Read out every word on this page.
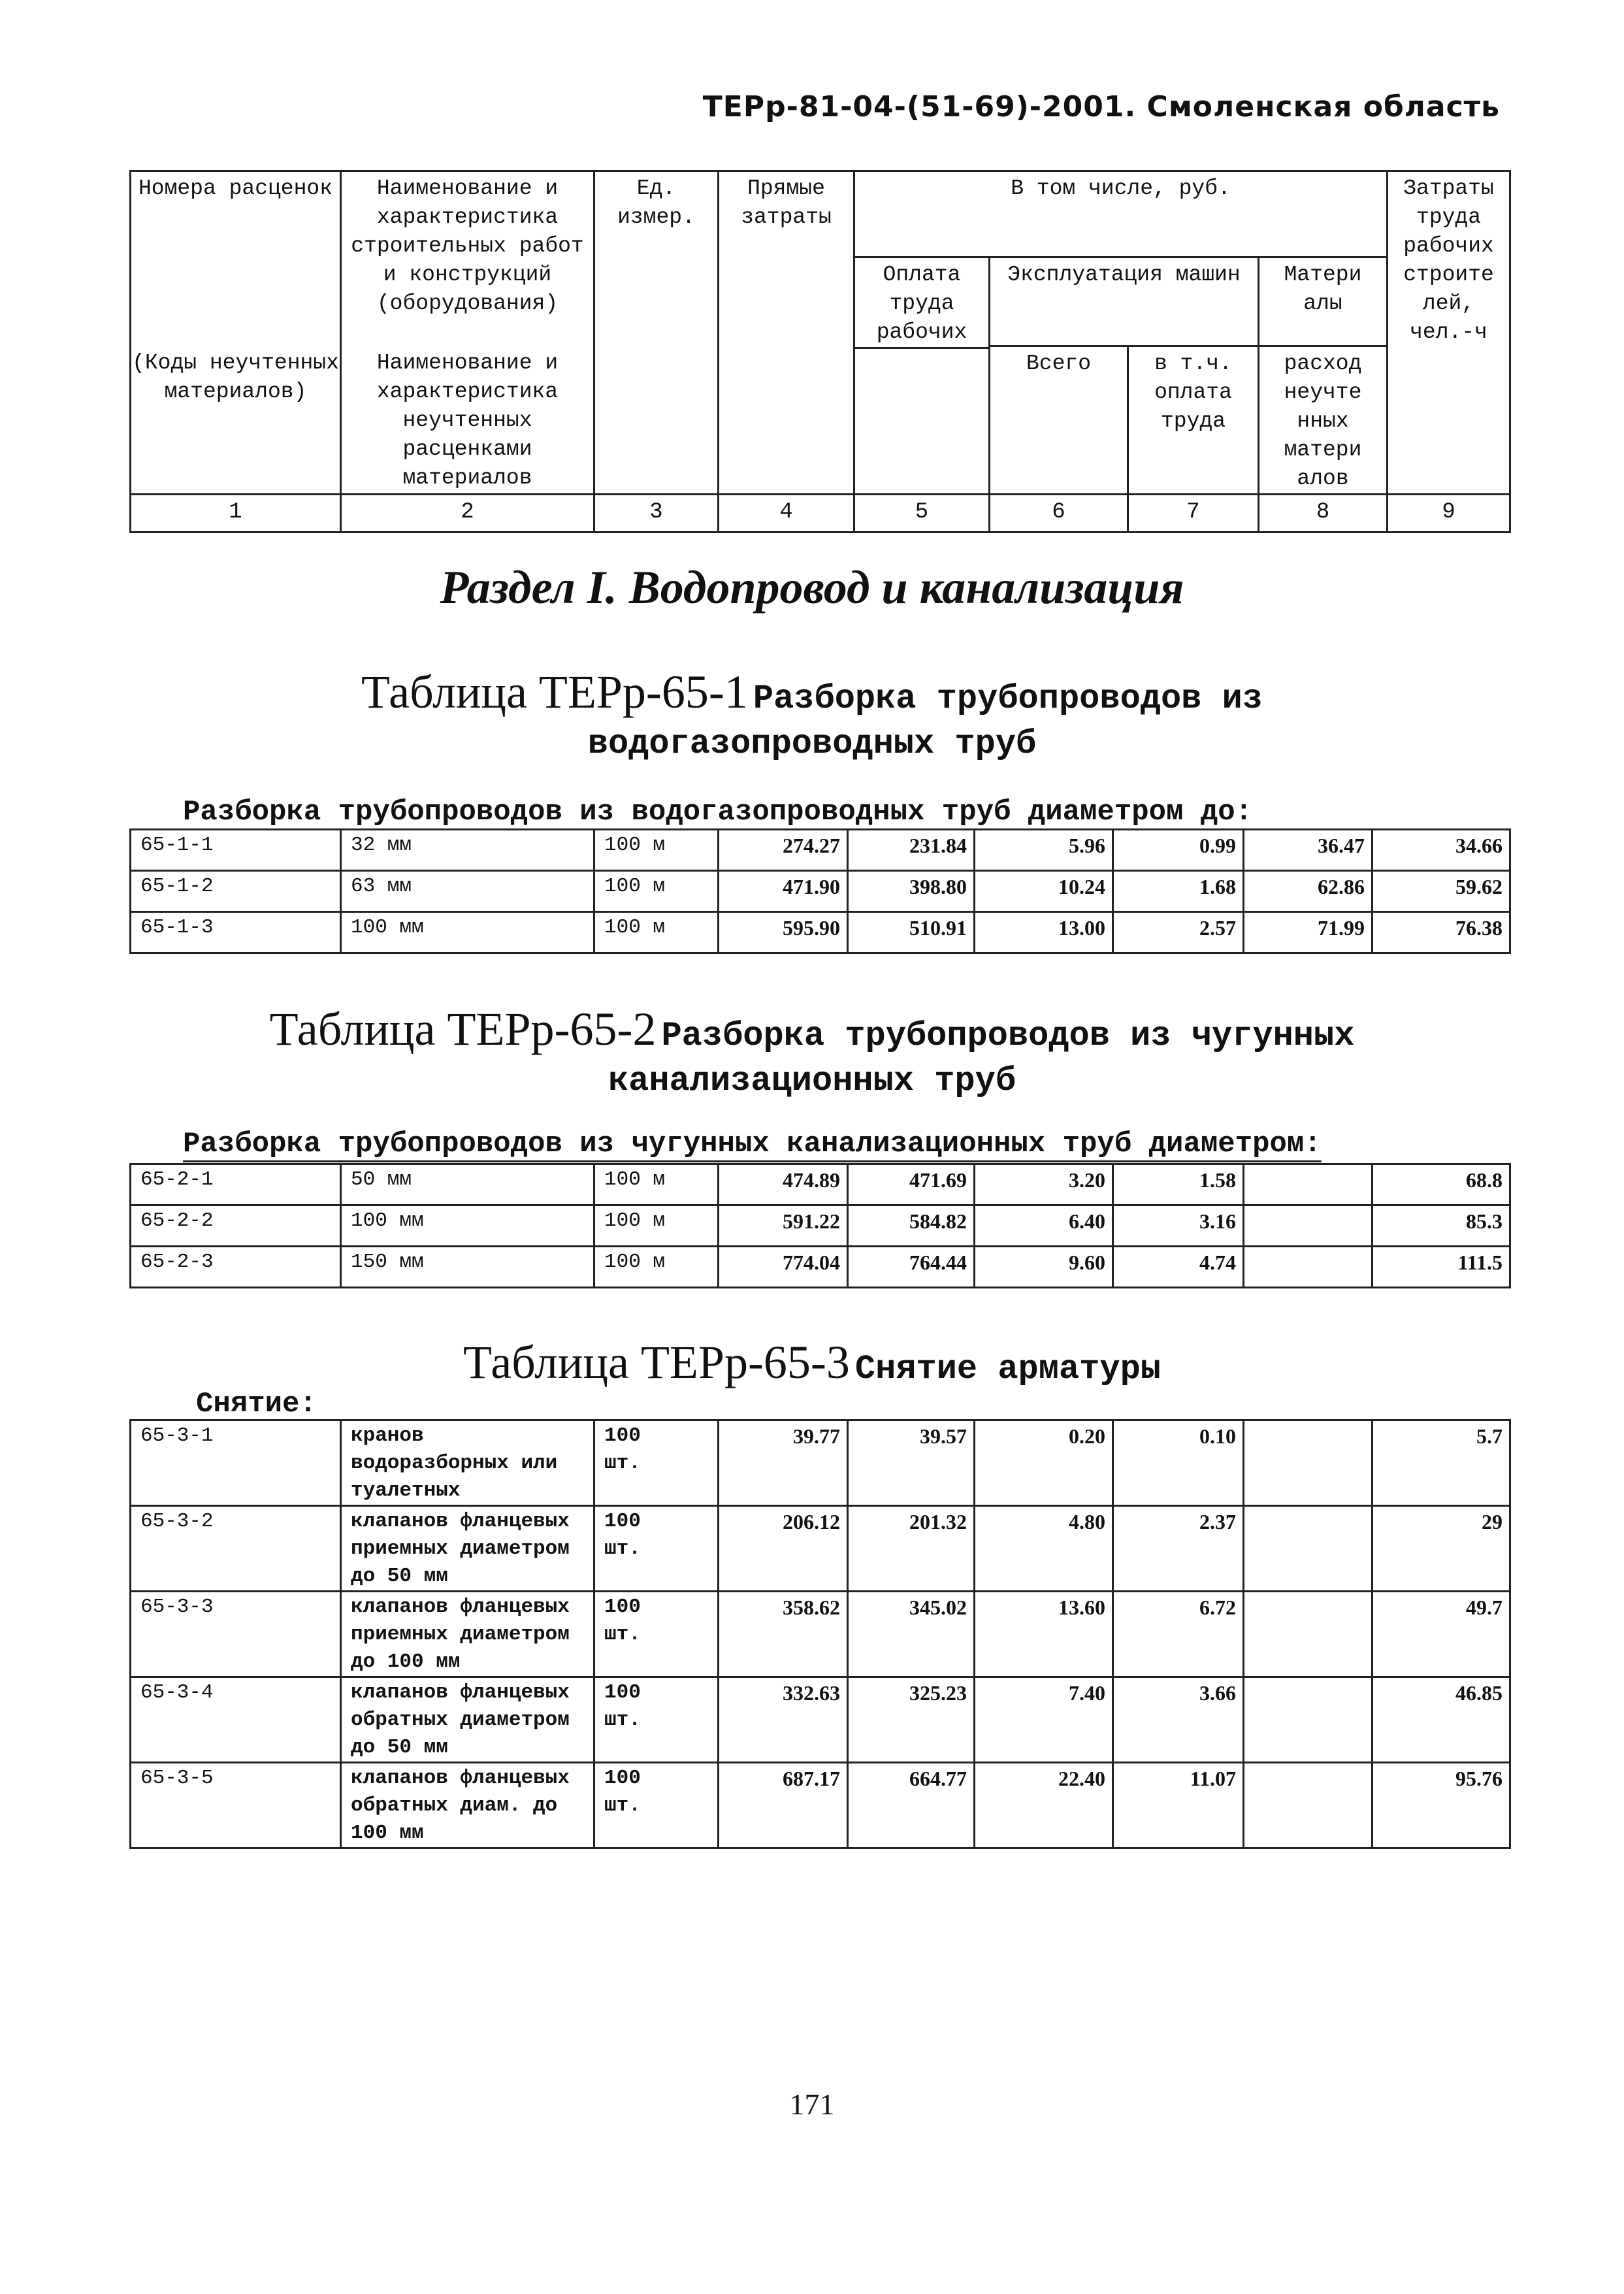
ТЕРр-81-04-(51-69)-2001. Смоленская область
Номера расценок	Наименование и характеристика строительных работ и конструкций (оборудования)	Ед. измер.	Прямые затраты	В том числе, руб.				Затраты труда рабочих строите лей, чел.-ч
				Оплата труда рабочих	Эксплуатация машин		Матери алы	
(Коды неучтенных материалов)	Наименование и характеристика неучтенных расценками материалов				Всего	в т.ч. оплата труда	расход неучте нных матери алов	

1	2	3	4	5	6	7	8	9
Раздел I. Водопровод и канализация
Таблица ТЕРр-65-1 Разборка трубопроводов из
водогазопроводных труб
Разборка трубопроводов из водогазопроводных труб диаметром до:
65-1-1	32 мм	100 м	274.27	231.84	5.96	0.99	36.47	34.66
65-1-2	63 мм	100 м	471.90	398.80	10.24	1.68	62.86	59.62
65-1-3	100 мм	100 м	595.90	510.91	13.00	2.57	71.99	76.38
Таблица ТЕРр-65-2 Разборка трубопроводов из чугунных
канализационных труб
Разборка трубопроводов из чугунных канализационных труб диаметром:
65-2-1	50 мм	100 м	474.89	471.69	3.20	1.58		68.8
65-2-2	100 мм	100 м	591.22	584.82	6.40	3.16		85.3
65-2-3	150 мм	100 м	774.04	764.44	9.60	4.74		111.5
Таблица ТЕРр-65-3 Снятие арматуры
Снятие:
65-3-1	кранов водоразборных или туалетных	100 шт.	39.77	39.57	0.20	0.10		5.7
65-3-2	клапанов фланцевых приемных диаметром до 50 мм	100 шт.	206.12	201.32	4.80	2.37		29
65-3-3	клапанов фланцевых приемных диаметром до 100 мм	100 шт.	358.62	345.02	13.60	6.72		49.7
65-3-4	клапанов фланцевых обратных диаметром до 50 мм	100 шт.	332.63	325.23	7.40	3.66		46.85
65-3-5	клапанов фланцевых обратных диам. до 100 мм	100 шт.	687.17	664.77	22.40	11.07		95.76
171
